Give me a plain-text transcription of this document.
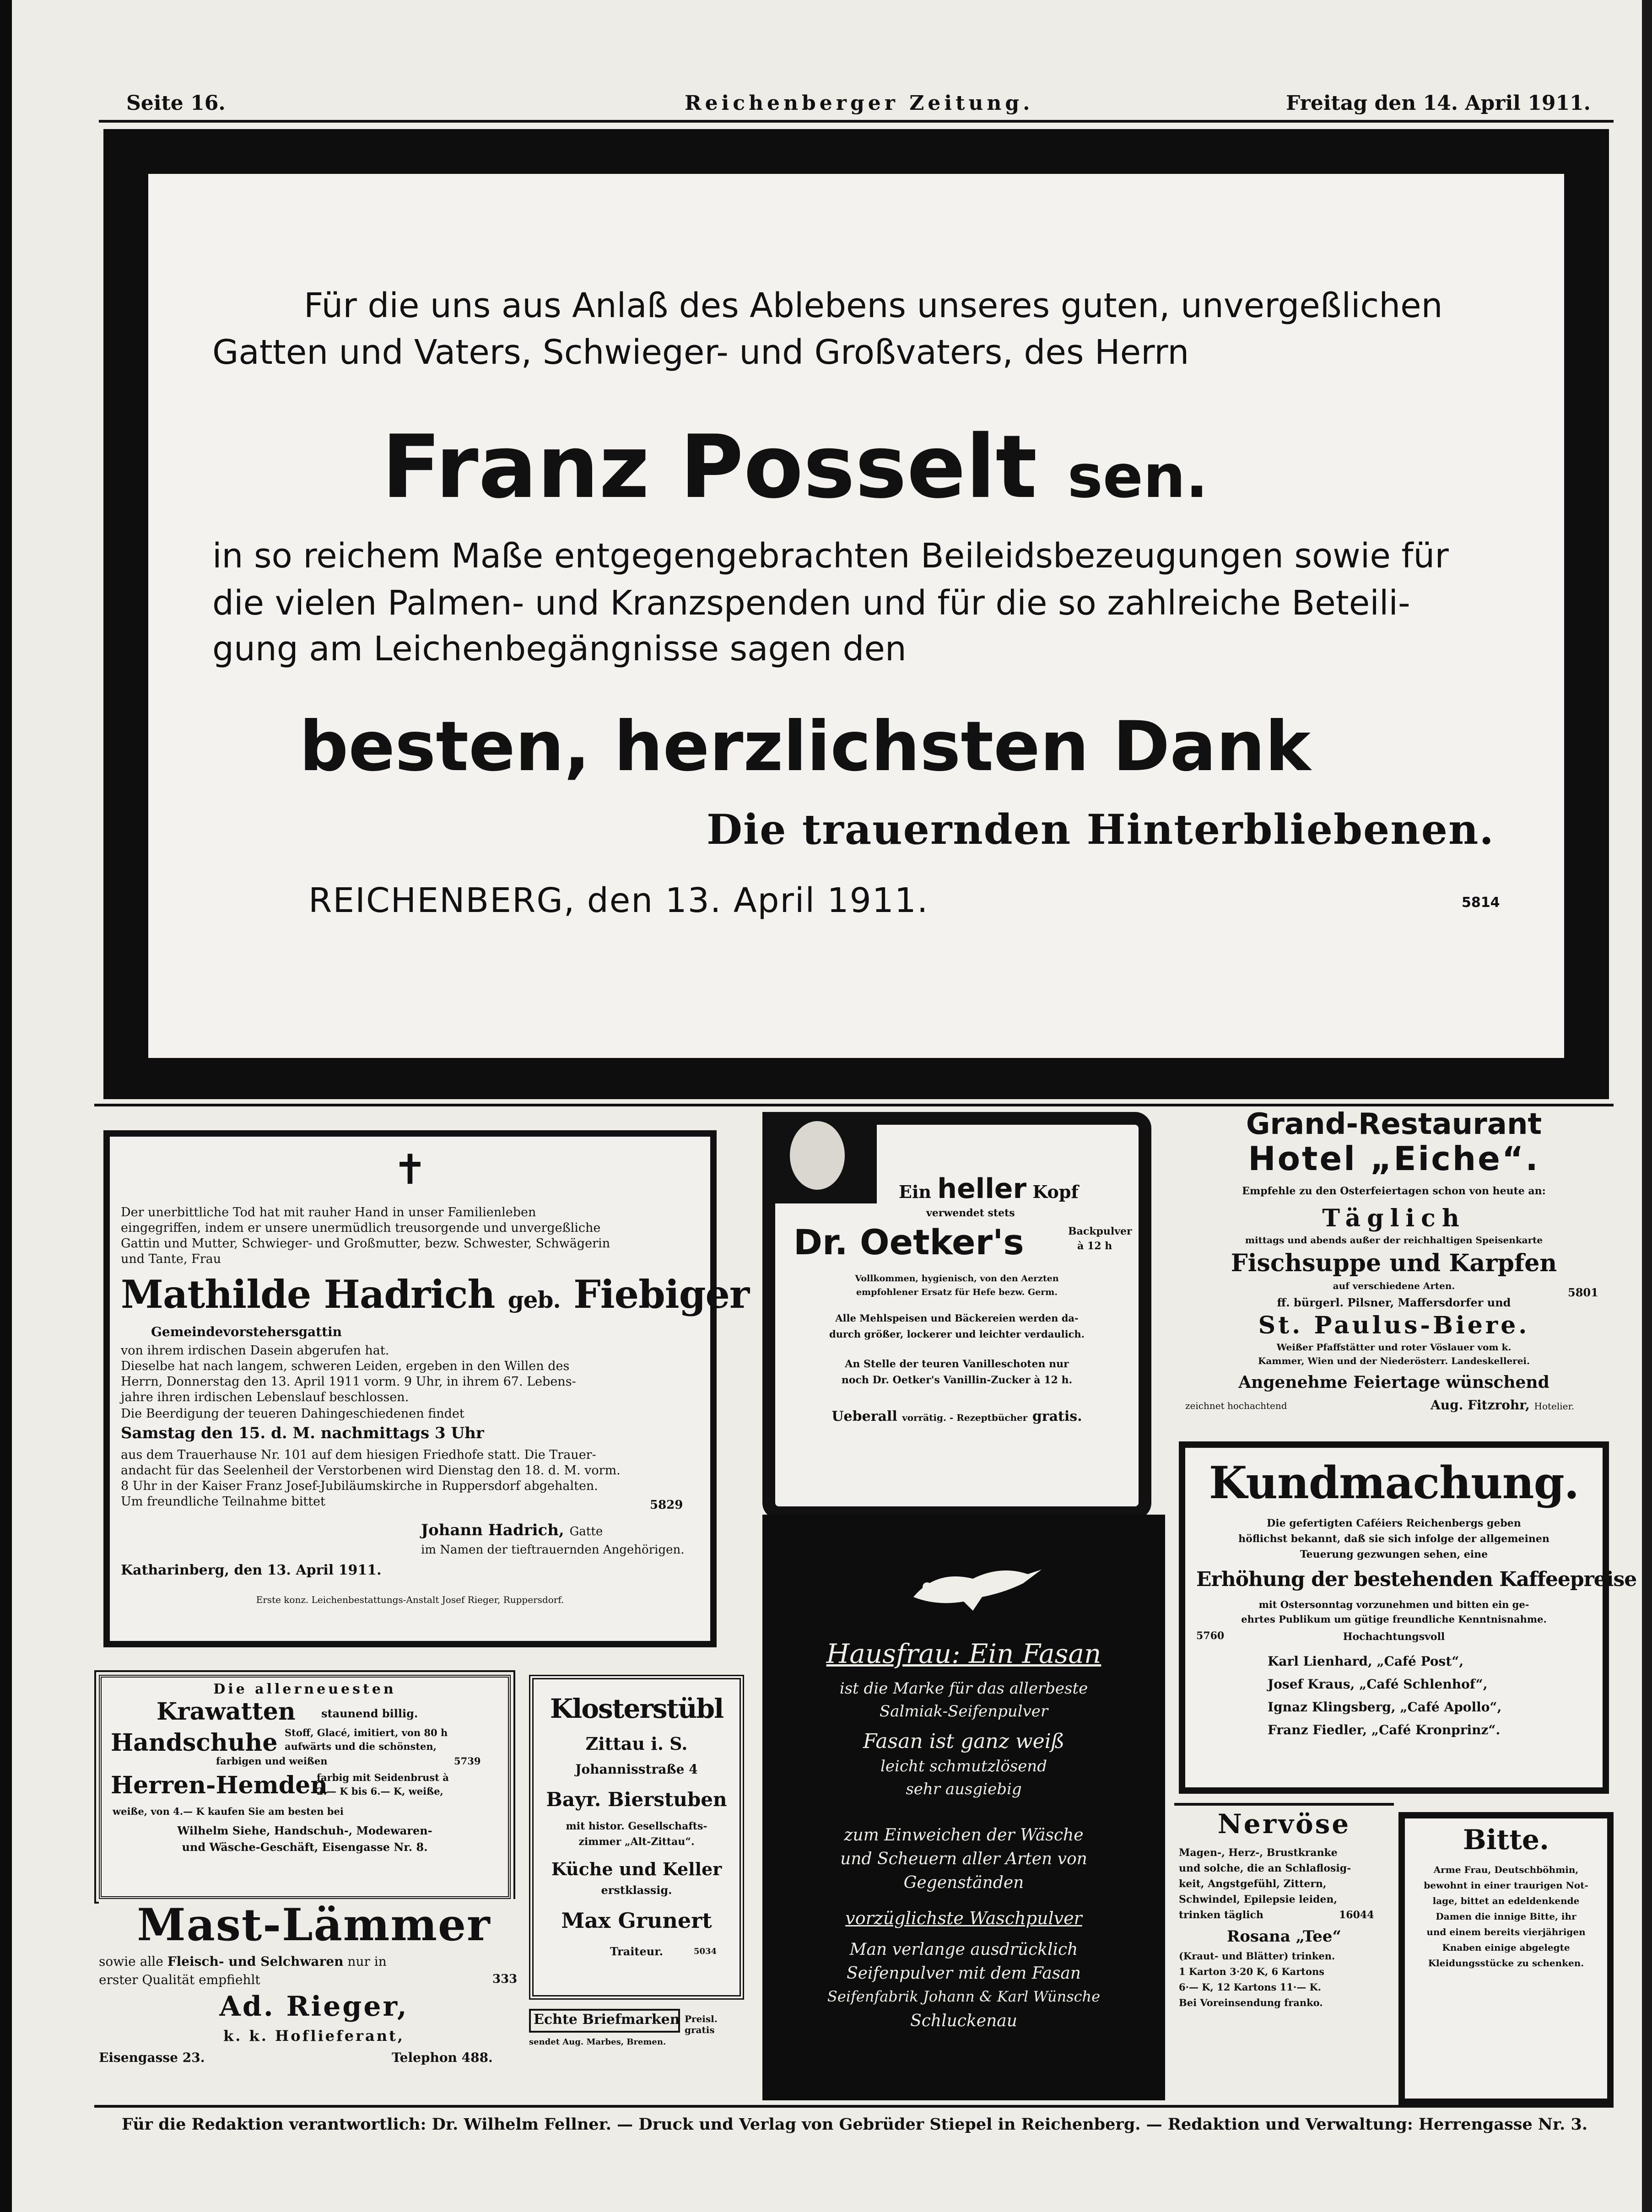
Seite 16.	Reichenberger Zeitung.	Freitag den 14. April 1911.
Für die uns aus Anlaß des Ablebens unseres guten, unvergeßlichen
Gatten und Vaters, Schwieger- und Großvaters, des Herrn
Franz Posselt sen.
in so reichem Maße entgegengebrachten Beileidsbezeugungen sowie für
die vielen Palmen- und Kranzspenden und für die so zahlreiche Beteili-
gung am Leichenbegängnisse sagen den
besten, herzlichsten Dank
Die trauernden Hinterbliebenen.
REICHENBERG, den 13. April 1911.	5814
✝
Der unerbittliche Tod hat mit rauher Hand in unser Familienleben
eingegriffen, indem er unsere unermüdlich treusorgende und unvergeßliche
Gattin und Mutter, Schwieger- und Großmutter, bezw. Schwester, Schwägerin
und Tante, Frau
Mathilde Hadrich geb. Fiebiger
Gemeindevorstehersgattin
von ihrem irdischen Dasein abgerufen hat.
Dieselbe hat nach langem, schweren Leiden, ergeben in den Willen des
Herrn, Donnerstag den 13. April 1911 vorm. 9 Uhr, in ihrem 67. Lebens-
jahre ihren irdischen Lebenslauf beschlossen.
Die Beerdigung der teueren Dahingeschiedenen findet
Samstag den 15. d. M. nachmittags 3 Uhr
aus dem Trauerhause Nr. 101 auf dem hiesigen Friedhofe statt. Die Trauer-
andacht für das Seelenheil der Verstorbenen wird Dienstag den 18. d. M. vorm.
8 Uhr in der Kaiser Franz Josef-Jubiläumskirche in Ruppersdorf abgehalten.
Um freundliche Teilnahme bittet	5829
Johann Hadrich, Gatte
im Namen der tieftrauernden Angehörigen.
Katharinberg, den 13. April 1911.
Erste konz. Leichenbestattungs-Anstalt Josef Rieger, Ruppersdorf.
Ein heller Kopf
verwendet stets
Dr. Oetker's	Backpulver
à 12 h
Vollkommen, hygienisch, von den Aerzten
empfohlener Ersatz für Hefe bezw. Germ.
Alle Mehlspeisen und Bäckereien werden da-
durch größer, lockerer und leichter verdaulich.
An Stelle der teuren Vanilleschoten nur
noch Dr. Oetker's Vanillin-Zucker à 12 h.
Ueberall vorrätig. - Rezeptbücher gratis.
Grand-Restaurant
Hotel „Eiche“.
Empfehle zu den Osterfeiertagen schon von heute an:
Täglich
mittags und abends außer der reichhaltigen Speisenkarte
Fischsuppe und Karpfen
auf verschiedene Arten.	5801
ff. bürgerl. Pilsner, Maffersdorfer und
St. Paulus-Biere.
Weißer Pfaffstätter und roter Vöslauer vom k.
Kammer, Wien und der Niederösterr. Landeskellerei.
Angenehme Feiertage wünschend
zeichnet hochachtend	Aug. Fitzrohr, Hotelier.
Kundmachung.
Die gefertigten Caféiers Reichenbergs geben
höflichst bekannt, daß sie sich infolge der allgemeinen
Teuerung gezwungen sehen, eine
Erhöhung der bestehenden Kaffeepreise
mit Ostersonntag vorzunehmen und bitten ein ge-
ehrtes Publikum um gütige freundliche Kenntnisnahme.
5760	Hochachtungsvoll
Karl Lienhard, „Café Post“,
Josef Kraus, „Café Schlenhof“,
Ignaz Klingsberg, „Café Apollo“,
Franz Fiedler, „Café Kronprinz“.
Die allerneuesten
Krawatten	staunend billig.
Handschuhe Stoff, Glacé, imitiert, von 80 h
aufwärts und die schönsten,
farbigen und weißen	5739
Herren-Hemden
farbig mit Seidenbrust à
2.— K bis 6.— K, weiße,
weiße, von 4.— K kaufen Sie am besten bei
Wilhelm Siehe, Handschuh-, Modewaren-
und Wäsche-Geschäft, Eisengasse Nr. 8.
Klosterstübl
Zittau i. S.
Johannisstraße 4
Bayr. Bierstuben
mit histor. Gesellschafts-
zimmer „Alt-Zittau“.
Küche und Keller
erstklassig.
Max Grunert
Traiteur.	5034
Mast-Lämmer
sowie alle Fleisch- und Selchwaren nur in
erster Qualität empfiehlt	333
Ad. Rieger,
k. k. Hoflieferant,
Eisengasse 23.	Telephon 488.
Echte Briefmarken Preisl. gratis
sendet Aug. Marbes, Bremen.
Hausfrau: Ein Fasan
ist die Marke für das allerbeste
Salmiak-Seifenpulver
Fasan ist ganz weiß
leicht schmutzlösend
sehr ausgiebig
zum Einweichen der Wäsche
und Scheuern aller Arten von
Gegenständen
vorzüglichste Waschpulver
Man verlange ausdrücklich
Seifenpulver mit dem Fasan
Seifenfabrik Johann & Karl Wünsche
Schluckenau
Nervöse
Magen-, Herz-, Brustkranke
und solche, die an Schlaflosig-
keit, Angstgefühl, Zittern,
Schwindel, Epilepsie leiden,
trinken täglich	16044
Rosana „Tee“
(Kraut- und Blätter) trinken.
1 Karton 3·20 K, 6 Kartons
6·— K, 12 Kartons 11·— K.
Bei Voreinsendung franko.
Bitte.
Arme Frau, Deutschböhmin,
bewohnt in einer traurigen Not-
lage, bittet an edeldenkende
Damen die innige Bitte, ihr
und einem bereits vierjährigen
Knaben einige abgelegte
Kleidungsstücke zu schenken.
Für die Redaktion verantwortlich: Dr. Wilhelm Fellner. — Druck und Verlag von Gebrüder Stiepel in Reichenberg. — Redaktion und Verwaltung: Herrengasse Nr. 3.
